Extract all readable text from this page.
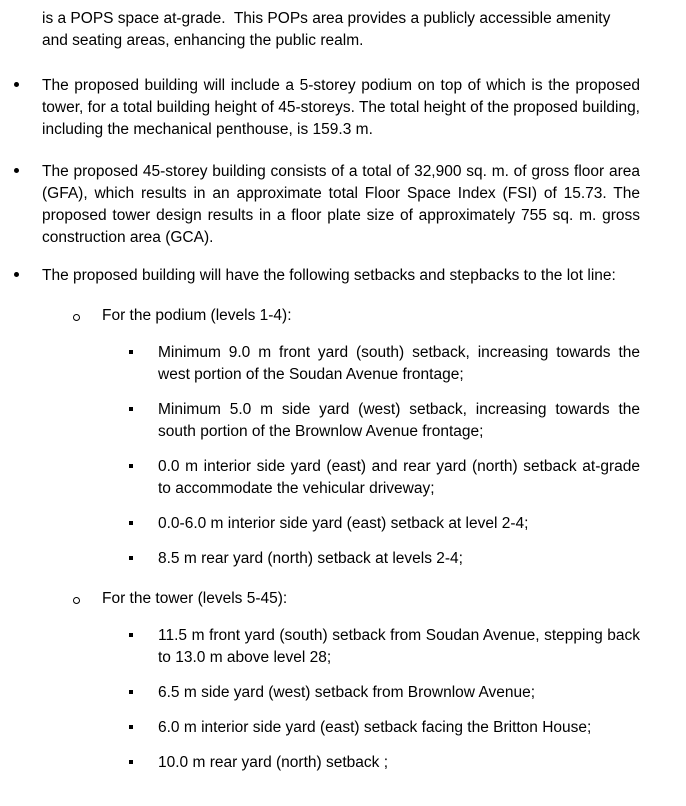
is a POPS space at-grade.  This POPs area provides a publicly accessible amenity and seating areas, enhancing the public realm.
The proposed building will include a 5-storey podium on top of which is the proposed tower, for a total building height of 45-storeys. The total height of the proposed building, including the mechanical penthouse, is 159.3 m.
The proposed 45-storey building consists of a total of 32,900 sq. m. of gross floor area (GFA), which results in an approximate total Floor Space Index (FSI) of 15.73. The proposed tower design results in a floor plate size of approximately 755 sq. m. gross construction area (GCA).
The proposed building will have the following setbacks and stepbacks to the lot line:
For the podium (levels 1-4):
Minimum 9.0 m front yard (south) setback, increasing towards the west portion of the Soudan Avenue frontage;
Minimum 5.0 m side yard (west) setback, increasing towards the south portion of the Brownlow Avenue frontage;
0.0 m interior side yard (east) and rear yard (north) setback at-grade to accommodate the vehicular driveway;
0.0-6.0 m interior side yard (east) setback at level 2-4;
8.5 m rear yard (north) setback at levels 2-4;
For the tower (levels 5-45):
11.5 m front yard (south) setback from Soudan Avenue, stepping back to 13.0 m above level 28;
6.5 m side yard (west) setback from Brownlow Avenue;
6.0 m interior side yard (east) setback facing the Britton House;
10.0 m rear yard (north) setback ;
